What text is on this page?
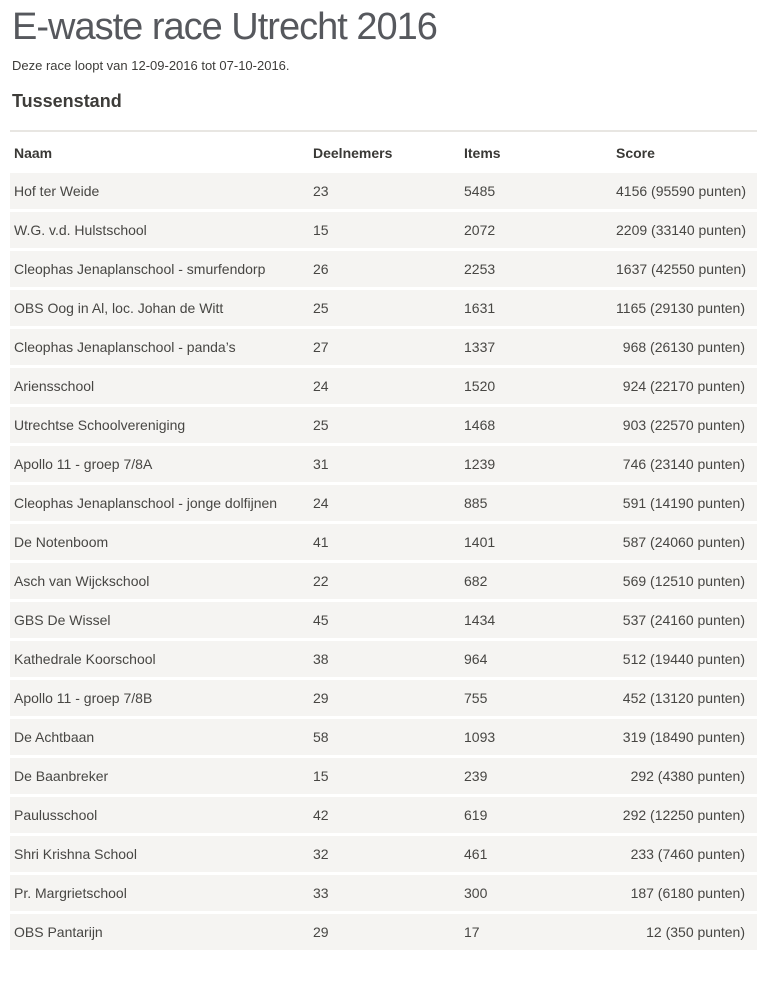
E-waste race Utrecht 2016

Deze race loopt van 12-09-2016 tot 07-10-2016.

Tussenstand
Naam	Deelnemers	Items	Score
Hof ter Weide	23	5485	4156 (95590 punten)
W.G. v.d. Hulstschool	15	2072	2209 (33140 punten)
Cleophas Jenaplanschool - smurfendorp	26	2253	1637 (42550 punten)
OBS Oog in Al, loc. Johan de Witt	25	1631	1165 (29130 punten)
Cleophas Jenaplanschool - panda’s	27	1337	968 (26130 punten)
Ariensschool	24	1520	924 (22170 punten)
Utrechtse Schoolvereniging	25	1468	903 (22570 punten)
Apollo 11 - groep 7/8A	31	1239	746 (23140 punten)
Cleophas Jenaplanschool - jonge dolfijnen	24	885	591 (14190 punten)
De Notenboom	41	1401	587 (24060 punten)
Asch van Wijckschool	22	682	569 (12510 punten)
GBS De Wissel	45	1434	537 (24160 punten)
Kathedrale Koorschool	38	964	512 (19440 punten)
Apollo 11 - groep 7/8B	29	755	452 (13120 punten)
De Achtbaan	58	1093	319 (18490 punten)
De Baanbreker	15	239	292 (4380 punten)
Paulusschool	42	619	292 (12250 punten)
Shri Krishna School	32	461	233 (7460 punten)
Pr. Margrietschool	33	300	187 (6180 punten)
OBS Pantarijn	29	17	12 (350 punten)
